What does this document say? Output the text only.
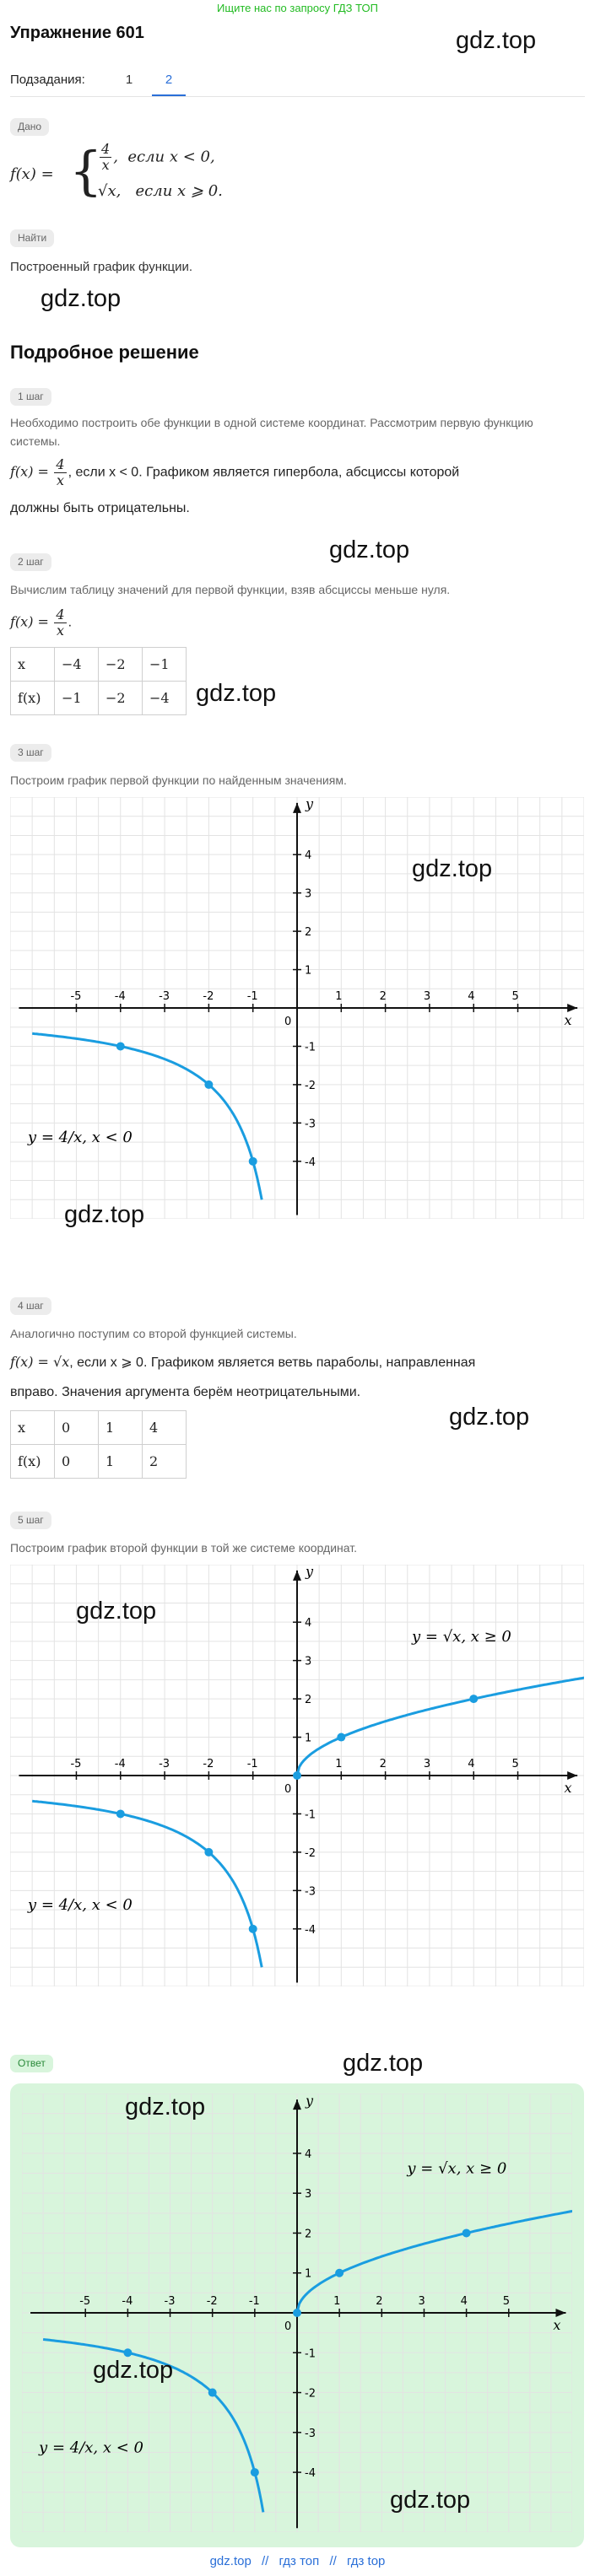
Ищите нас по запросу ГДЗ ТОП
Упражнение 601	gdz.top
Подзадания:	1	2
Дано
f(x) = {
$\frac{4}{x}$ ,  если x < 0,
√x, если x ⩾ 0.
Найти
Построенный график функции.
gdz.top
Подробное решение
1 шаг
Необходимо построить обе функции в одной системе координат. Рассмотрим первую функцию системы.
$f(x) = \frac{4}{x}$ , если x < 0. Графиком является гипербола, абсциссы которой
должны быть отрицательны.
gdz.top
2 шаг
Вычислим таблицу значений для первой функции, взяв абсциссы меньше нуля.
$f(x) = \frac{4}{x}$ .
x	−4	−2	−1
f(x)	−1	−2	−4 gdz.top
3 шаг
Построим график первой функции по найденным значениям.
x
y
0
-5	-4	-3	-2	-1	1	2	3	4	5
4
3
2
1
-1
-2
-3
-4
y = 4/x, x < 0
gdz.top
gdz.top
4 шаг
Аналогично поступим со второй функцией системы.
f(x) = √x, если x ⩾ 0. Графиком является ветвь параболы, направленная
вправо. Значения аргумента берём неотрицательными.
x	0	1	4
f(x)	0	1	2
gdz.top
5 шаг
Построим график второй функции в той же системе координат.
x
y
0
-5	-4	-3	-2	-1	1	2	3	4	5
4
3
2
1
-1
-2
-3
-4
y = 4/x, x < 0
y = √x, x ≥ 0
gdz.top
Ответ	gdz.top
x
y
0
-5	-4	-3	-2	-1	1	2	3	4	5
4
3
2
1
-1
-2
-3
-4
y = 4/x, x < 0
y = √x, x ≥ 0
gdz.top
gdz.top
gdz.top
gdz.top // гдз топ // гдз top
